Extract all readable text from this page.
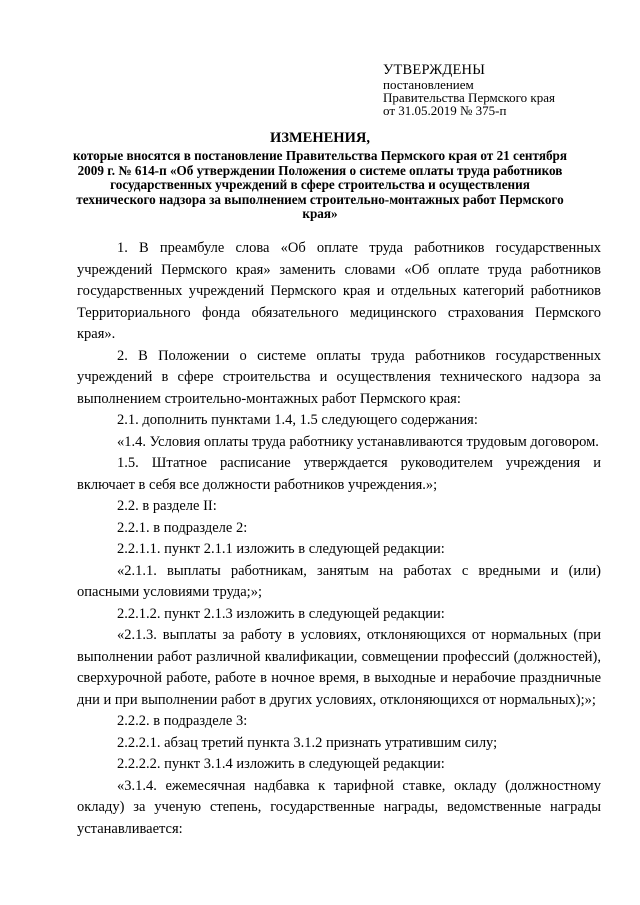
УТВЕРЖДЕНЫ
постановлением
Правительства Пермского края
от 31.05.2019 № 375-п
ИЗМЕНЕНИЯ,
которые вносятся в постановление Правительства Пермского края от 21 сентября 2009 г. № 614-п «Об утверждении Положения о системе оплаты труда работников государственных учреждений в сфере строительства и осуществления технического надзора за выполнением строительно-монтажных работ Пермского края»

1. В преамбуле слова «Об оплате труда работников государственных учреждений Пермского края» заменить словами «Об оплате труда работников государственных учреждений Пермского края и отдельных категорий работников Территориального фонда обязательного медицинского страхования Пермского края».

2. В Положении о системе оплаты труда работников государственных учреждений в сфере строительства и осуществления технического надзора за выполнением строительно-монтажных работ Пермского края:

2.1. дополнить пунктами 1.4, 1.5 следующего содержания:

«1.4. Условия оплаты труда работнику устанавливаются трудовым договором.

1.5. Штатное расписание утверждается руководителем учреждения и включает в себя все должности работников учреждения.»;

2.2. в разделе II:

2.2.1. в подразделе 2:

2.2.1.1. пункт 2.1.1 изложить в следующей редакции:

«2.1.1. выплаты работникам, занятым на работах с вредными и (или) опасными условиями труда;»;

2.2.1.2. пункт 2.1.3 изложить в следующей редакции:

«2.1.3. выплаты за работу в условиях, отклоняющихся от нормальных (при выполнении работ различной квалификации, совмещении профессий (должностей), сверхурочной работе, работе в ночное время, в выходные и нерабочие праздничные дни и при выполнении работ в других условиях, отклоняющихся от нормальных);»;

2.2.2. в подразделе 3:

2.2.2.1. абзац третий пункта 3.1.2 признать утратившим силу;

2.2.2.2. пункт 3.1.4 изложить в следующей редакции:

«3.1.4. ежемесячная надбавка к тарифной ставке, окладу (должностному окладу) за ученую степень, государственные награды, ведомственные награды устанавливается:
